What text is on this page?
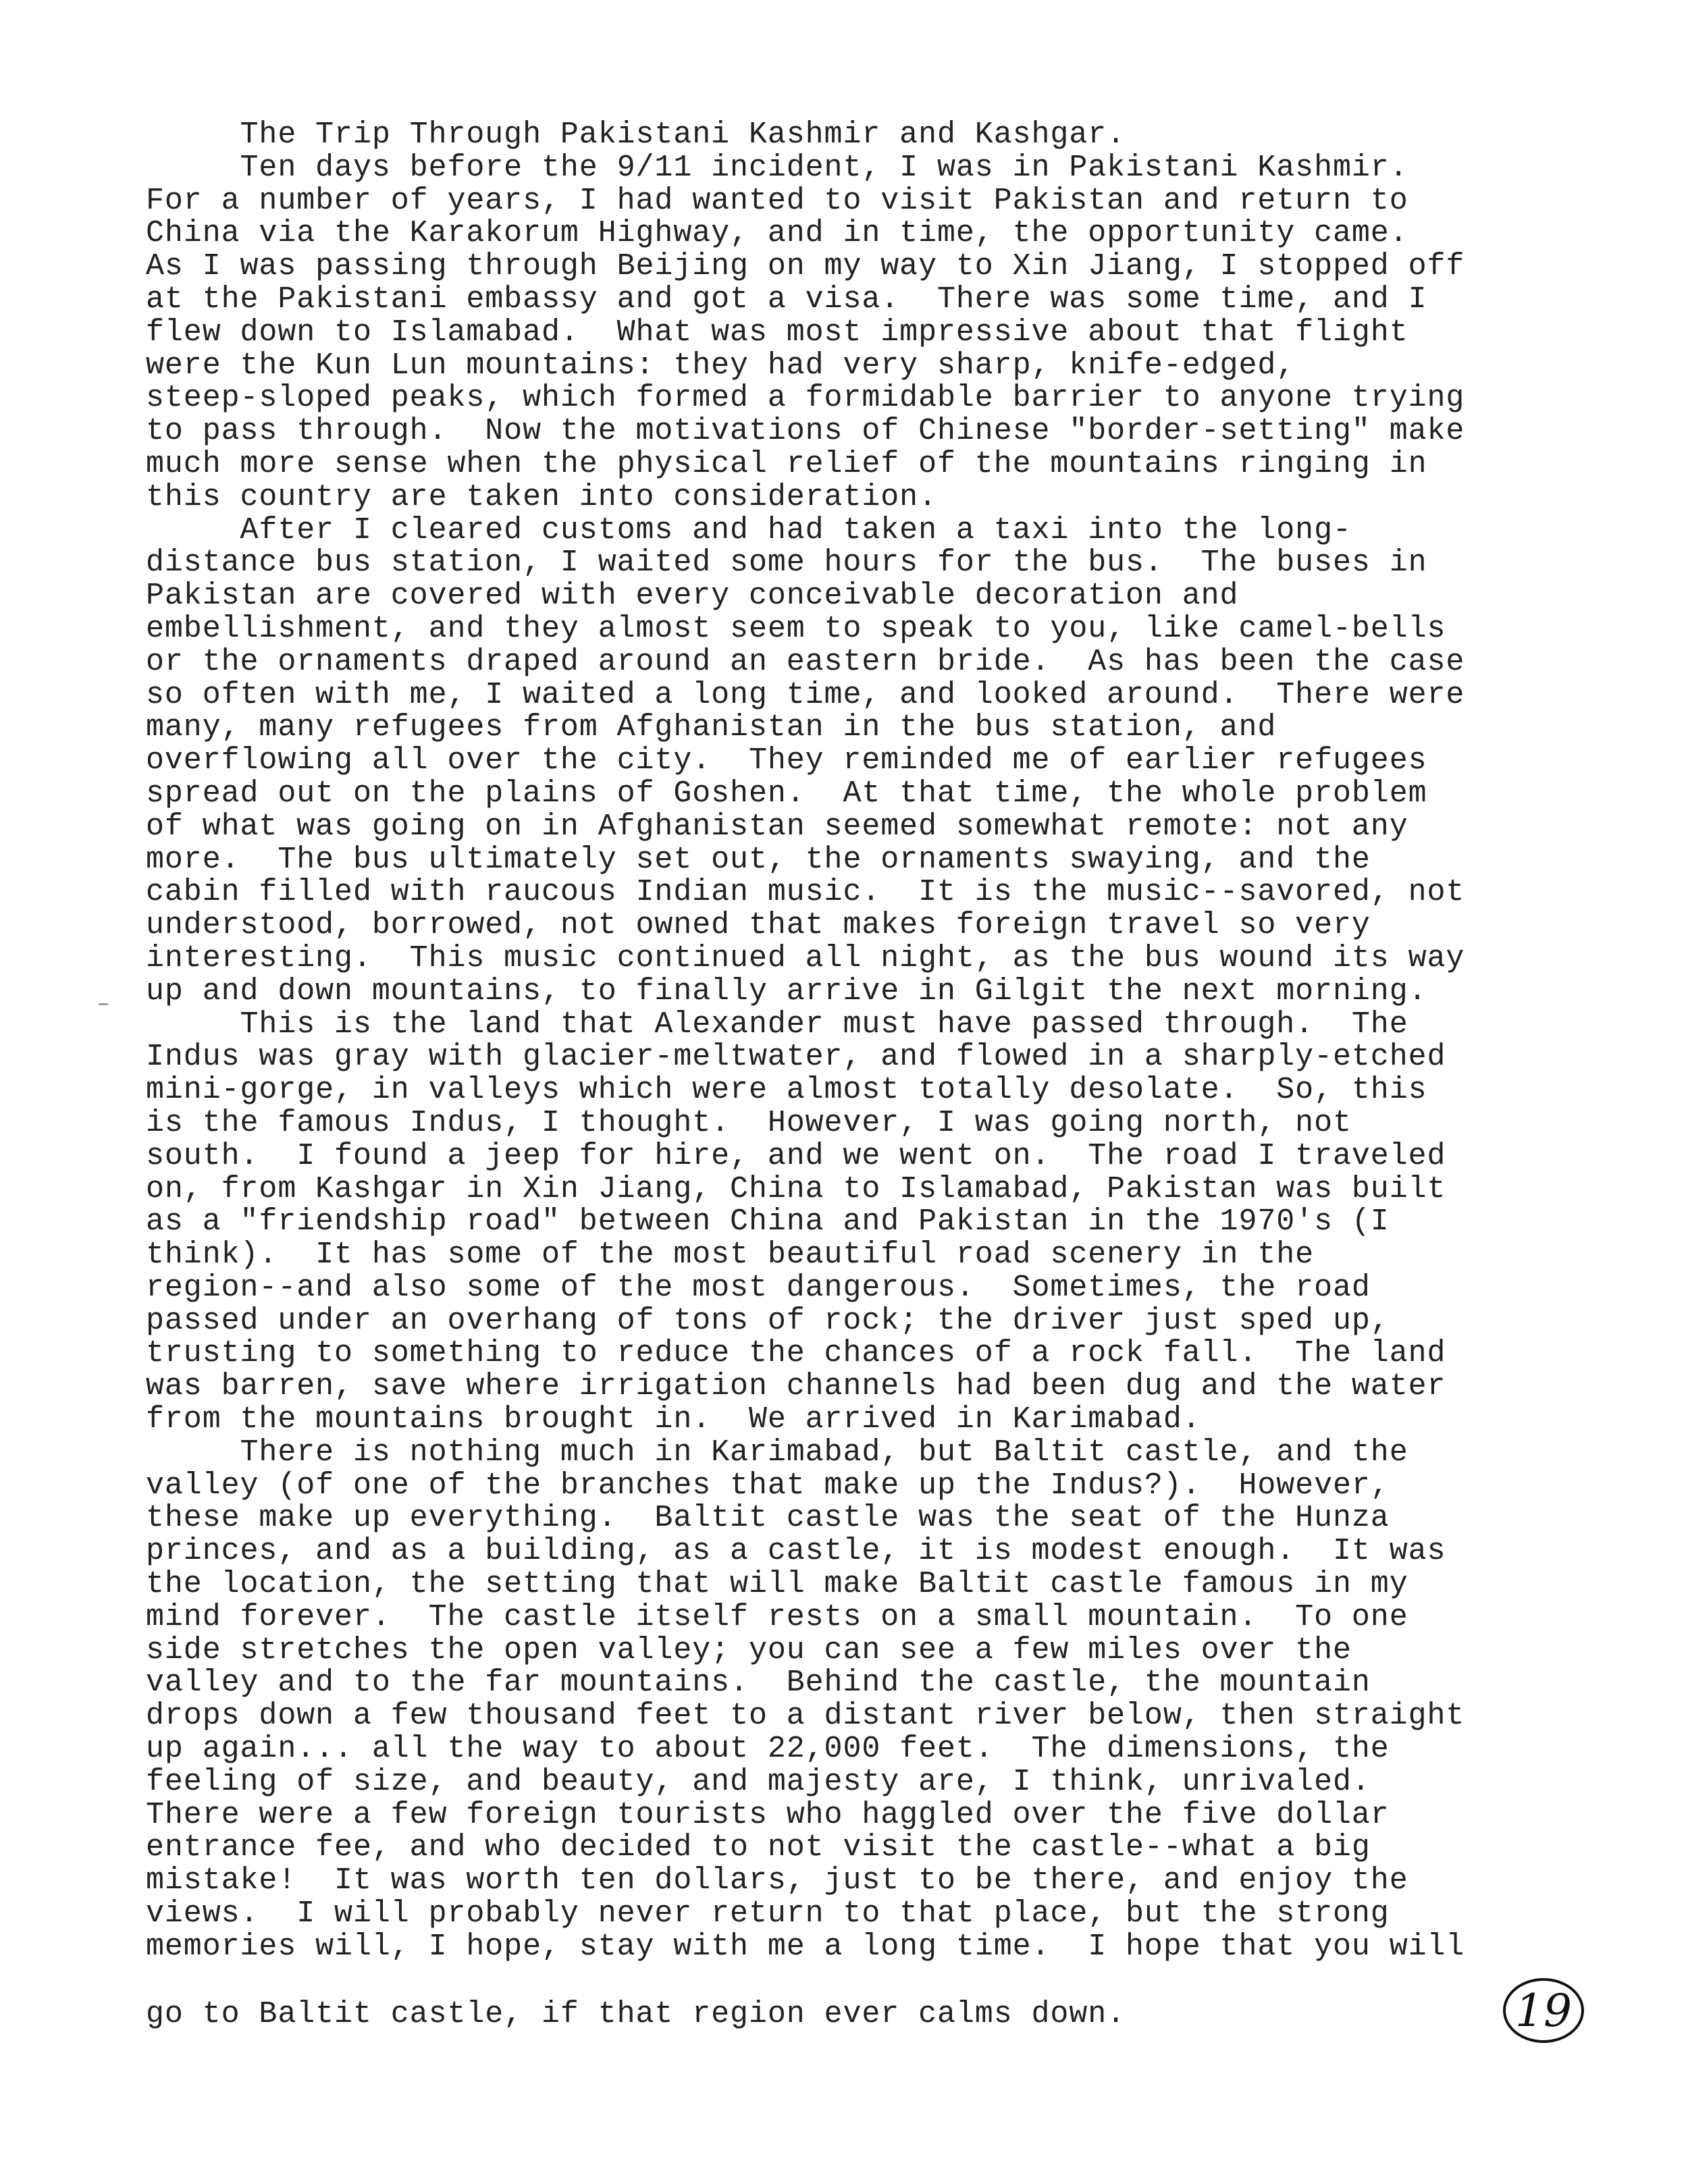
The Trip Through Pakistani Kashmir and Kashgar.
Ten days before the 9/11 incident, I was in Pakistani Kashmir.
For a number of years, I had wanted to visit Pakistan and return to
China via the Karakorum Highway, and in time, the opportunity came.
As I was passing through Beijing on my way to Xin Jiang, I stopped off
at the Pakistani embassy and got a visa.  There was some time, and I
flew down to Islamabad.  What was most impressive about that flight
were the Kun Lun mountains: they had very sharp, knife-edged,
steep-sloped peaks, which formed a formidable barrier to anyone trying
to pass through.  Now the motivations of Chinese "border-setting" make
much more sense when the physical relief of the mountains ringing in
this country are taken into consideration.
After I cleared customs and had taken a taxi into the long-
distance bus station, I waited some hours for the bus.  The buses in
Pakistan are covered with every conceivable decoration and
embellishment, and they almost seem to speak to you, like camel-bells
or the ornaments draped around an eastern bride.  As has been the case
so often with me, I waited a long time, and looked around.  There were
many, many refugees from Afghanistan in the bus station, and
overflowing all over the city.  They reminded me of earlier refugees
spread out on the plains of Goshen.  At that time, the whole problem
of what was going on in Afghanistan seemed somewhat remote: not any
more.  The bus ultimately set out, the ornaments swaying, and the
cabin filled with raucous Indian music.  It is the music--savored, not
understood, borrowed, not owned that makes foreign travel so very
interesting.  This music continued all night, as the bus wound its way
up and down mountains, to finally arrive in Gilgit the next morning.
This is the land that Alexander must have passed through.  The
Indus was gray with glacier-meltwater, and flowed in a sharply-etched
mini-gorge, in valleys which were almost totally desolate.  So, this
is the famous Indus, I thought.  However, I was going north, not
south.  I found a jeep for hire, and we went on.  The road I traveled
on, from Kashgar in Xin Jiang, China to Islamabad, Pakistan was built
as a "friendship road" between China and Pakistan in the 1970's (I
think).  It has some of the most beautiful road scenery in the
region--and also some of the most dangerous.  Sometimes, the road
passed under an overhang of tons of rock; the driver just sped up,
trusting to something to reduce the chances of a rock fall.  The land
was barren, save where irrigation channels had been dug and the water
from the mountains brought in.  We arrived in Karimabad.
There is nothing much in Karimabad, but Baltit castle, and the
valley (of one of the branches that make up the Indus?).  However,
these make up everything.  Baltit castle was the seat of the Hunza
princes, and as a building, as a castle, it is modest enough.  It was
the location, the setting that will make Baltit castle famous in my
mind forever.  The castle itself rests on a small mountain.  To one
side stretches the open valley; you can see a few miles over the
valley and to the far mountains.  Behind the castle, the mountain
drops down a few thousand feet to a distant river below, then straight
up again... all the way to about 22,000 feet.  The dimensions, the
feeling of size, and beauty, and majesty are, I think, unrivaled.
There were a few foreign tourists who haggled over the five dollar
entrance fee, and who decided to not visit the castle--what a big
mistake!  It was worth ten dollars, just to be there, and enjoy the
views.  I will probably never return to that place, but the strong
memories will, I hope, stay with me a long time.  I hope that you will

go to Baltit castle, if that region ever calms down.	19
